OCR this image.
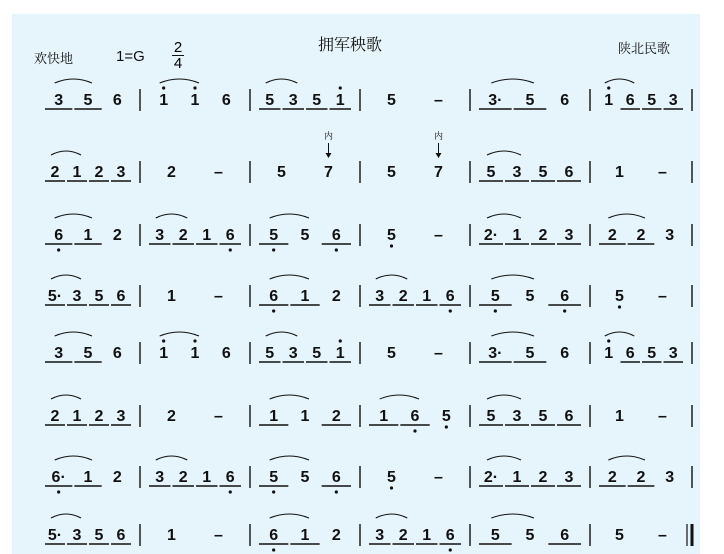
拥军秧歌
欢快地	1=G
2
4
陕北民歌
3 5 6 1 1 6 5 3 5 1	5 –	3· 5 6 1 6 5 3
2 1 2 3	2 –	5 7
内
5 7
内
5 3 5 6	1 –
6 1 2 3 2 1 6 5 5 6	5 –	2· 1 2 3 2 2 3
5· 3 5 6	1 –	6 1 2 3 2 1 6 5 5 6	5 –
3 5 6 1 1 6 5 3 5 1	5 –	3· 5 6 1 6 5 3
2 1 2 3	2 –	1 1 2 1 6 5 5 3 5 6	1 –
6· 1 2 3 2 1 6 5 5 6	5 –	2· 1 2 3 2 2 3
5· 3 5 6	1 –	6 1 2 3 2 1 6 5 5 6	5 –
